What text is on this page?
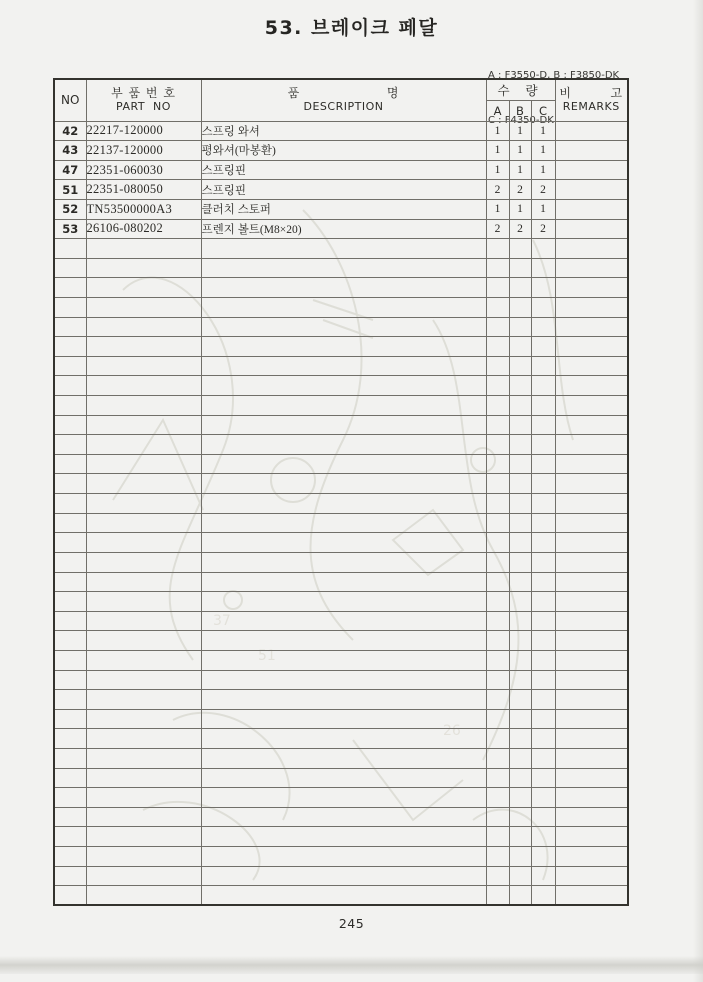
53. 브레이크 페달

A : F3550-D, B : F3850-DK

C : F4350-DK

37
51
26
NO	부 품 번 호
PART  NO

품                  명
DESCRIPTION
	수 량	비        고
REMARKS

			A	B	C	
42	22217-120000	스프링 와셔	1	1	1	
43	22137-120000	평와셔(마봉환)	1	1	1	
47	22351-060030	스프링핀	1	1	1	
51	22351-080050	스프링핀	2	2	2	
52	TN53500000A3	클러치 스토퍼	1	1	1	
53	26106-080202	프렌지 볼트(M8×20)	2	2	2	

245
